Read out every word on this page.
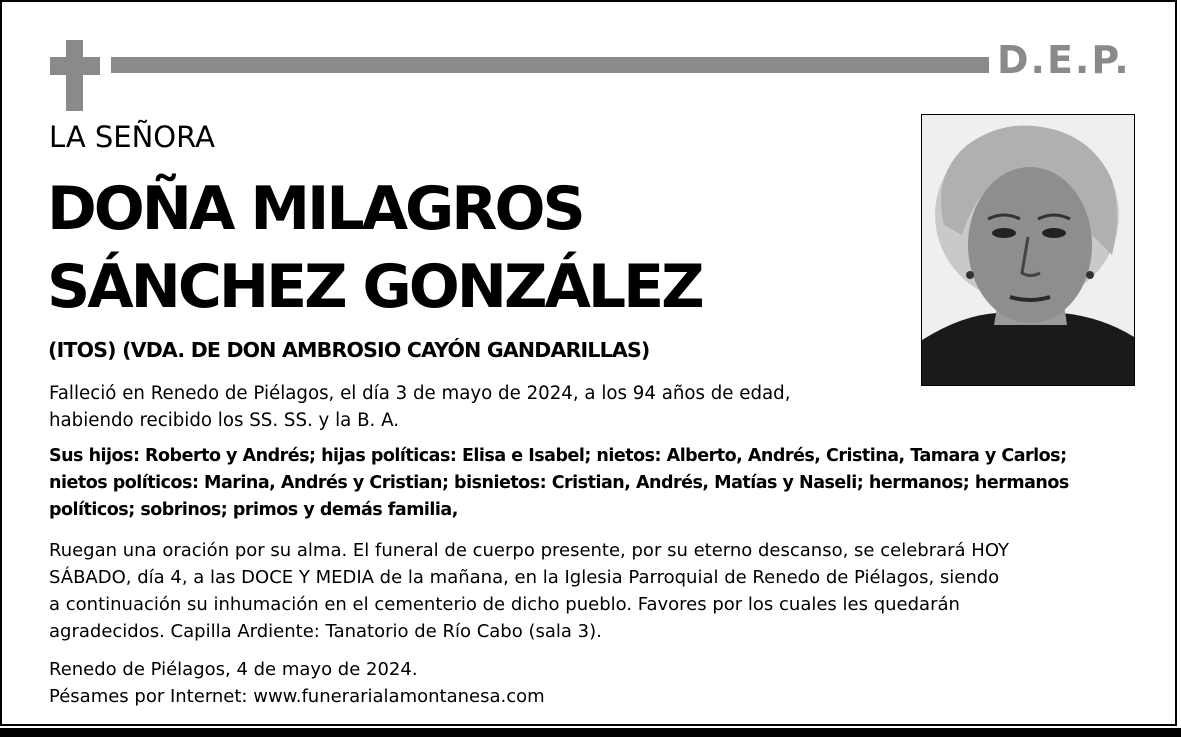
D.E.P.
LA SEÑORA
DOÑA MILAGROS
SÁNCHEZ GONZÁLEZ
(ITOS) (VDA. DE DON AMBROSIO CAYÓN GANDARILLAS)
Falleció en Renedo de Piélagos, el día 3 de mayo de 2024, a los 94 años de edad,
habiendo recibido los SS. SS. y la B. A.
Sus hijos: Roberto y Andrés; hijas políticas: Elisa e Isabel; nietos: Alberto, Andrés, Cristina, Tamara y Carlos;
nietos políticos: Marina, Andrés y Cristian; bisnietos: Cristian, Andrés, Matías y Naseli; hermanos; hermanos
políticos; sobrinos; primos y demás familia,
Ruegan una oración por su alma. El funeral de cuerpo presente, por su eterno descanso, se celebrará HOY
SÁBADO, día 4, a las DOCE Y MEDIA de la mañana, en la Iglesia Parroquial de Renedo de Piélagos, siendo
a continuación su inhumación en el cementerio de dicho pueblo. Favores por los cuales les quedarán
agradecidos. Capilla Ardiente: Tanatorio de Río Cabo (sala 3).
Renedo de Piélagos, 4 de mayo de 2024.
Pésames por Internet: www.funerarialamontanesa.com
